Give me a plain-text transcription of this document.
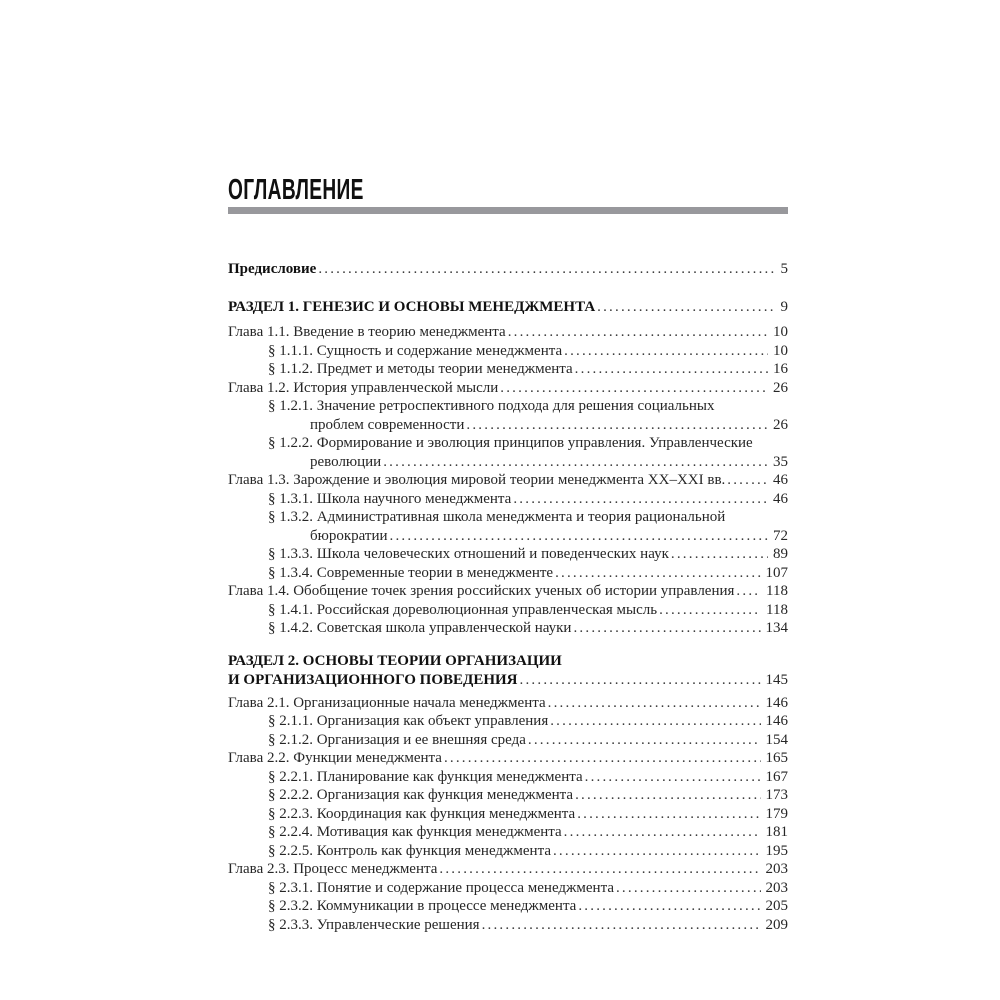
ОГЛАВЛЕНИЕ
Предисловие .....	5
РАЗДЕЛ 1. ГЕНЕЗИС И ОСНОВЫ МЕНЕДЖМЕНТА .....	9
Глава 1.1. Введение в теорию менеджмента .....	10
§ 1.1.1. Сущность и содержание менеджмента .....	10
§ 1.1.2. Предмет и методы теории менеджмента .....	16
Глава 1.2. История управленческой мысли .....	26
§ 1.2.1. Значение ретроспективного подхода для решения социальных
проблем современности .....	26
§ 1.2.2. Формирование и эволюция принципов управления. Управленческие
революции .....	35
Глава 1.3. Зарождение и эволюция мировой теории менеджмента XX–XXI вв. .....	46
§ 1.3.1. Школа научного менеджмента .....	46
§ 1.3.2. Административная школа менеджмента и теория рациональной
бюрократии .....	72
§ 1.3.3. Школа человеческих отношений и поведенческих наук .....	89
§ 1.3.4. Современные теории в менеджменте .....	107
Глава 1.4. Обобщение точек зрения российских ученых об истории управления ..... 118
§ 1.4.1. Российская дореволюционная управленческая мысль .....	118
§ 1.4.2. Советская школа управленческой науки .....	134
РАЗДЕЛ 2. ОСНОВЫ ТЕОРИИ ОРГАНИЗАЦИИ
И ОРГАНИЗАЦИОННОГО ПОВЕДЕНИЯ .....	145
Глава 2.1. Организационные начала менеджмента .....	146
§ 2.1.1. Организация как объект управления .....	146
§ 2.1.2. Организация и ее внешняя среда .....	154
Глава 2.2. Функции менеджмента .....	165
§ 2.2.1. Планирование как функция менеджмента .....	167
§ 2.2.2. Организация как функция менеджмента .....	173
§ 2.2.3. Координация как функция менеджмента .....	179
§ 2.2.4. Мотивация как функция менеджмента .....	181
§ 2.2.5. Контроль как функция менеджмента .....	195
Глава 2.3. Процесс менеджмента .....	203
§ 2.3.1. Понятие и содержание процесса менеджмента .....	203
§ 2.3.2. Коммуникации в процессе менеджмента .....	205
§ 2.3.3. Управленческие решения .....	209
